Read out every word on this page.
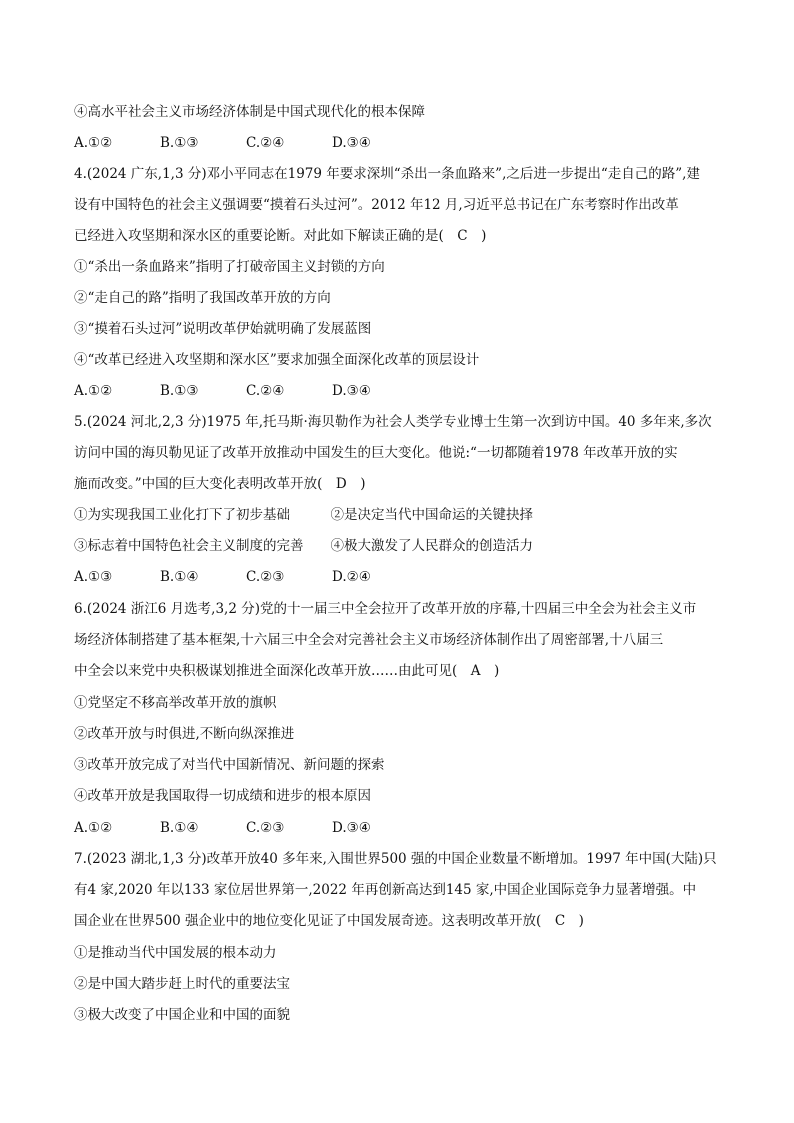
④高水平社会主义市场经济体制是中国式现代化的根本保障
A.①②	B.①③	C.②④	D.③④
4.(2024 广东,1,3 分)邓小平同志在1979 年要求深圳“杀出一条血路来”,之后进一步提出“走自己的路”,建
设有中国特色的社会主义强调要“摸着石头过河”。2012 年12 月,习近平总书记在广东考察时作出改革
已经进入攻坚期和深水区的重要论断。对此如下解读正确的是(　C　)
①“杀出一条血路来”指明了打破帝国主义封锁的方向
②“走自己的路”指明了我国改革开放的方向
③“摸着石头过河”说明改革伊始就明确了发展蓝图
④“改革已经进入攻坚期和深水区”要求加强全面深化改革的顶层设计
A.①②	B.①③	C.②④	D.③④
5.(2024 河北,2,3 分)1975 年,托马斯·海贝勒作为社会人类学专业博士生第一次到访中国。40 多年来,多次
访问中国的海贝勒见证了改革开放推动中国发生的巨大变化。他说:“一切都随着1978 年改革开放的实
施而改变。”中国的巨大变化表明改革开放(　D　)
①为实现我国工业化打下了初步基础　　　②是决定当代中国命运的关键抉择
③标志着中国特色社会主义制度的完善　　④极大激发了人民群众的创造活力
A.①③	B.①④	C.②③	D.②④
6.(2024 浙江6 月选考,3,2 分)党的十一届三中全会拉开了改革开放的序幕,十四届三中全会为社会主义市
场经济体制搭建了基本框架,十六届三中全会对完善社会主义市场经济体制作出了周密部署,十八届三
中全会以来党中央积极谋划推进全面深化改革开放……由此可见(　A　)
①党坚定不移高举改革开放的旗帜
②改革开放与时俱进,不断向纵深推进
③改革开放完成了对当代中国新情况、新问题的探索
④改革开放是我国取得一切成绩和进步的根本原因
A.①②	B.①④	C.②③	D.③④
7.(2023 湖北,1,3 分)改革开放40 多年来,入围世界500 强的中国企业数量不断增加。1997 年中国(大陆)只
有4 家,2020 年以133 家位居世界第一,2022 年再创新高达到145 家,中国企业国际竞争力显著增强。中
国企业在世界500 强企业中的地位变化见证了中国发展奇迹。这表明改革开放(　C　)
①是推动当代中国发展的根本动力
②是中国大踏步赶上时代的重要法宝
③极大改变了中国企业和中国的面貌
